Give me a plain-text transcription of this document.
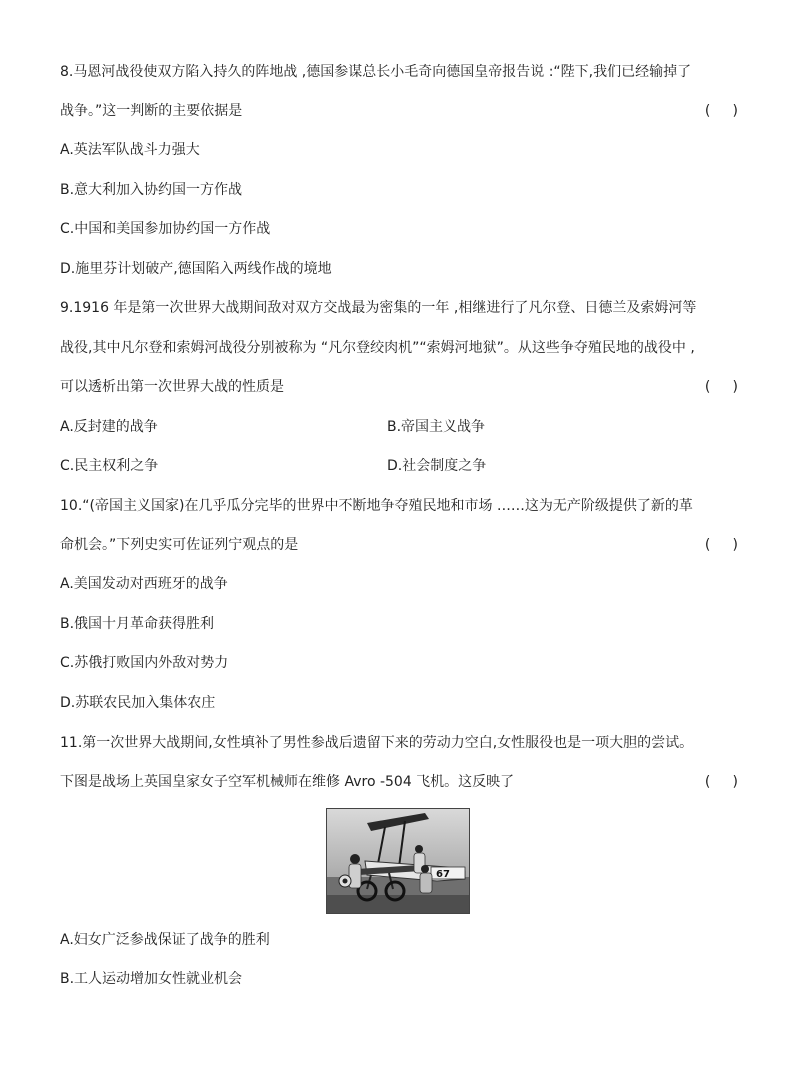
8.马恩河战役使双方陷入持久的阵地战 ,德国参谋总长小毛奇向德国皇帝报告说 :“陛下,我们已经输掉了
战争。”这一判断的主要依据是	(     )
A.英法军队战斗力强大
B.意大利加入协约国一方作战
C.中国和美国参加协约国一方作战
D.施里芬计划破产,德国陷入两线作战的境地
9.1916 年是第一次世界大战期间敌对双方交战最为密集的一年 ,相继进行了凡尔登、日德兰及索姆河等
战役,其中凡尔登和索姆河战役分别被称为 “凡尔登绞肉机”“索姆河地狱”。从这些争夺殖民地的战役中 ,
可以透析出第一次世界大战的性质是	(     )
A.反封建的战争	B.帝国主义战争
C.民主权利之争	D.社会制度之争
10.“(帝国主义国家)在几乎瓜分完毕的世界中不断地争夺殖民地和市场 ……这为无产阶级提供了新的革
命机会。”下列史实可佐证列宁观点的是	(     )
A.美国发动对西班牙的战争
B.俄国十月革命获得胜利
C.苏俄打败国内外敌对势力
D.苏联农民加入集体农庄
11.第一次世界大战期间,女性填补了男性参战后遗留下来的劳动力空白,女性服役也是一项大胆的尝试。
下图是战场上英国皇家女子空军机械师在维修 Avro -504 飞机。这反映了	(     )
67
A.妇女广泛参战保证了战争的胜利
B.工人运动增加女性就业机会
